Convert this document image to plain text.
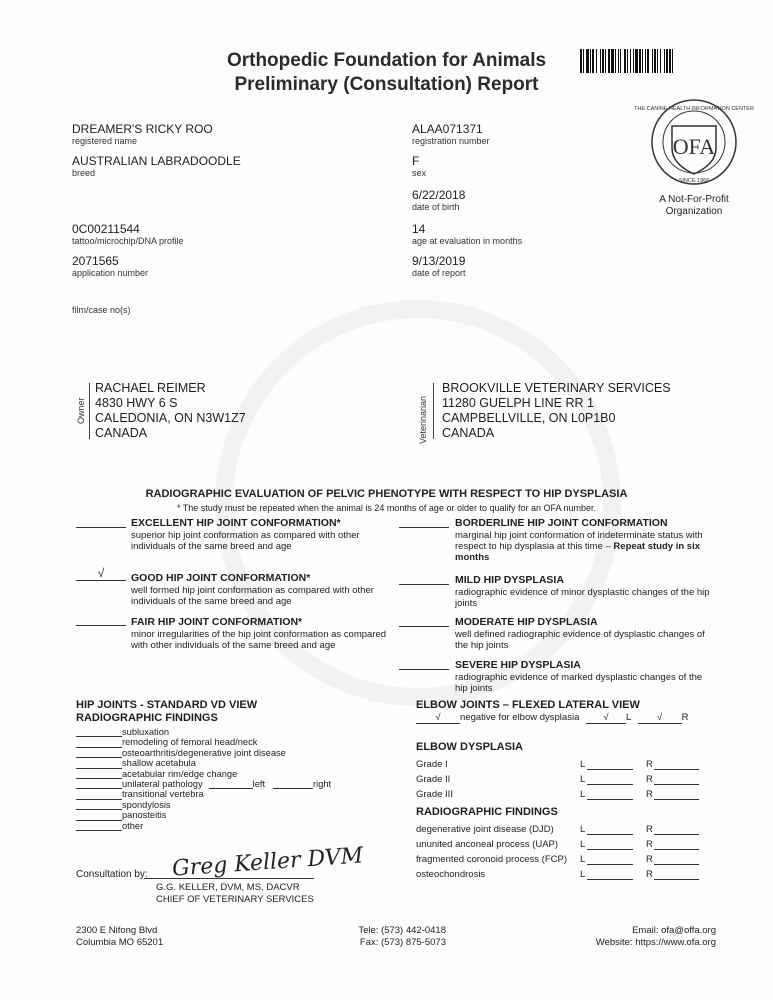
Orthopedic Foundation for Animals
Preliminary (Consultation) Report
OFA
THE CANINE HEALTH INFORMATION CENTER
SINCE 1966
A Not-For-Profit
Organization
DREAMER'S RICKY ROO
registered name
AUSTRALIAN LABRADOODLE
breed
0C00211544
tattoo/microchip/DNA profile
2071565
application number
film/case no(s)
ALAA071371
registration number
F
sex
6/22/2018
date of birth
14
age at evaluation in months
9/13/2019
date of report
Owner
RACHAEL REIMER
4830 HWY 6 S
CALEDONIA, ON N3W1Z7
CANADA	Veterinarian
BROOKVILLE VETERINARY SERVICES
11280 GUELPH LINE RR 1
CAMPBELLVILLE, ON L0P1B0
CANADA
RADIOGRAPHIC EVALUATION OF PELVIC PHENOTYPE WITH RESPECT TO HIP DYSPLASIA
* The study must be repeated when the animal is 24 months of age or older to qualify for an OFA number.
EXCELLENT HIP JOINT CONFORMATION*
superior hip joint conformation as compared with other
individuals of the same breed and age
√	GOOD HIP JOINT CONFORMATION*
well formed hip joint conformation as compared with other
individuals of the same breed and age
FAIR HIP JOINT CONFORMATION*
minor irregularities of the hip joint conformation as compared
with other individuals of the same breed and age
BORDERLINE HIP JOINT CONFORMATION
marginal hip joint conformation of indeterminate status with
respect to hip dysplasia at this time – Repeat study in six
months
MILD HIP DYSPLASIA
radiographic evidence of minor dysplastic changes of the hip
joints
MODERATE HIP DYSPLASIA
well defined radiographic evidence of dysplastic changes of
the hip joints
SEVERE HIP DYSPLASIA
radiographic evidence of marked dysplastic changes of the
hip joints
HIP JOINTS - STANDARD VD VIEW
RADIOGRAPHIC FINDINGS
subluxation
remodeling of femoral head/neck
osteoarthritis/degenerative joint disease
shallow acetabula
acetabular rim/edge change
unilateral pathology	left	right
transitional vertebra
spondylosis
panosteitis
other
ELBOW JOINTS – FLEXED LATERAL VIEW
√ negative for elbow dysplasia	√ L	√ R
ELBOW DYSPLASIA
Grade I	L	R
Grade II	L	R
Grade III	L	R
RADIOGRAPHIC FINDINGS
degenerative joint disease (DJD)	L	R
ununited anconeal process (UAP) L	R
fragmented coronoid process (FCP) L	R
osteochondrosis	L	R
Consultation by: Greg Keller DVM
G.G. KELLER, DVM, MS, DACVR
CHIEF OF VETERINARY SERVICES
2300 E Nifong Blvd
Columbia MO 65201
Tele: (573) 442-0418
Fax: (573) 875-5073
Email: ofa@offa.org
Website: https://www.ofa.org
